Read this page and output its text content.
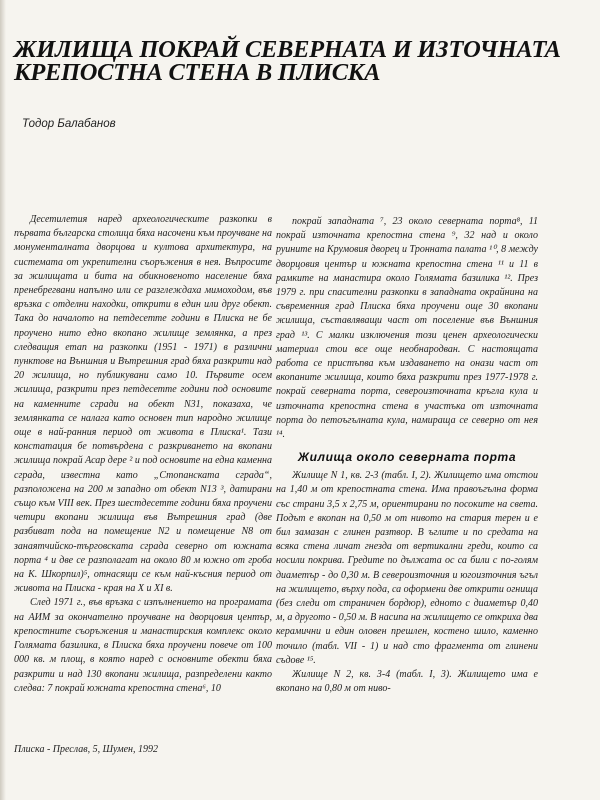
ЖИЛИЩА ПОКРАЙ СЕВЕРНАТА И ИЗТОЧНАТА КРЕПОСТНА СТЕНА В ПЛИСКА
Тодор Балабанов

Десетилетия наред археологическите разкопки в първата българска столица бяха насочени към проучване на монументалната дворцова и култова архитектура, на системата от укрепителни съоръжения в нея. Въпросите за жилищата и бита на обикновеното население бяха пренебрегвани напълно или се разглеждаха мимоходом, във връзка с отделни находки, открити в един или друг обект. Така до началото на петдесетте години в Плиска не бе проучено нито едно вкопано жилище землянка, а през следващия етап на разкопки (1951 - 1971) в различни пунктове на Външния и Вътрешния град бяха разкрити над 20 жилища, но публикувани само 10. Първите осем жилища, разкрити през петдесетте години под основите на каменните сгради на обект N31, показаха, че землянката се налага като основен тип народно жилище още в най-ранния период от живота в Плиска¹. Тази констатация бе потвърдена с разкриването на вкопани жилища покрай Асар дере ² и под основите на една каменна сграда, известна като „Стопанската сграда“, разположена на 200 м западно от обект N13 ³, датирани също към VIII век. През шестдесетте години бяха проучени четири вкопани жилища във Вътрешния град (две разбиват пода на помещение N2 и помещение N8 от занаятчийско-търговската сграда северно от южната порта ⁴ и две се разполагат на около 80 м южно от гроба на К. Шкорпил)⁵, отнасящи се към най-късния период от живота на Плиска - края на X и XI в.

След 1971 г., във връзка с изпълнението на програмата на АИМ за окончателно проучване на дворцовия център, крепостните съоръжения и манастирския комплекс около Голямата базилика, в Плиска бяха проучени повече от 100 000 кв. м площ, в която наред с основните обекти бяха разкрити и над 130 вкопани жилища, разпределени както следва: 7 покрай южната крепостна стена⁶, 10

покрай западната ⁷, 23 около северната порта⁸, 11 покрай източната крепостна стена ⁹, 32 над и около руините на Крумовия дворец и Тронната палата ¹⁰, 8 между дворцовия център и южната крепостна стена ¹¹ и 11 в рамките на манастира около Голямата базилика ¹². През 1979 г. при спасителни разкопки в западната окрайнина на съвременния град Плиска бяха проучени още 30 вкопани жилища, съставляващи част от поселение във Външния град ¹³. С малки изключения този ценен археологически материал стои все още необнародван. С настоящата работа се пристъпва към издаването на онази част от вкопаните жилища, които бяха разкрити през 1977-1978 г. покрай северната порта, североизточната кръгла кула и източната крепостна стена в участъка от източната порта до петоъгълната кула, намираща се северно от нея ¹⁴.

Жилища около северната порта

Жилище N 1, кв. 2-3 (табл. I, 2). Жилището има отстои на 1,40 м от крепостната стена. Има правоъгълна форма със страни 3,5 х 2,75 м, ориентирани по посоките на света. Подът е вкопан на 0,50 м от нивото на стария терен и е бил замазан с глинен разтвор. В ъглите и по средата на всяка стена личат гнезда от вертикални греди, които са носили покрива. Гредите по дължата ос са били с по-голям диаметър - до 0,30 м. В североизточния и югоизточния ъгъл на жилището, върху пода, са оформени две открити огнища (без следи от страничен бордюр), едното с диаметър 0,40 м, а другото - 0,50 м. В насипа на жилището се откриха два керамични и един оловен прешлен, костено шило, каменно точило (табл. VII - 1) и над сто фрагмента от глинени съдове ¹⁵.

Жилище N 2, кв. 3-4 (табл. I, 3). Жилището има е вкопано на 0,80 м от ниво-

Плиска - Преслав, 5, Шумен, 1992
